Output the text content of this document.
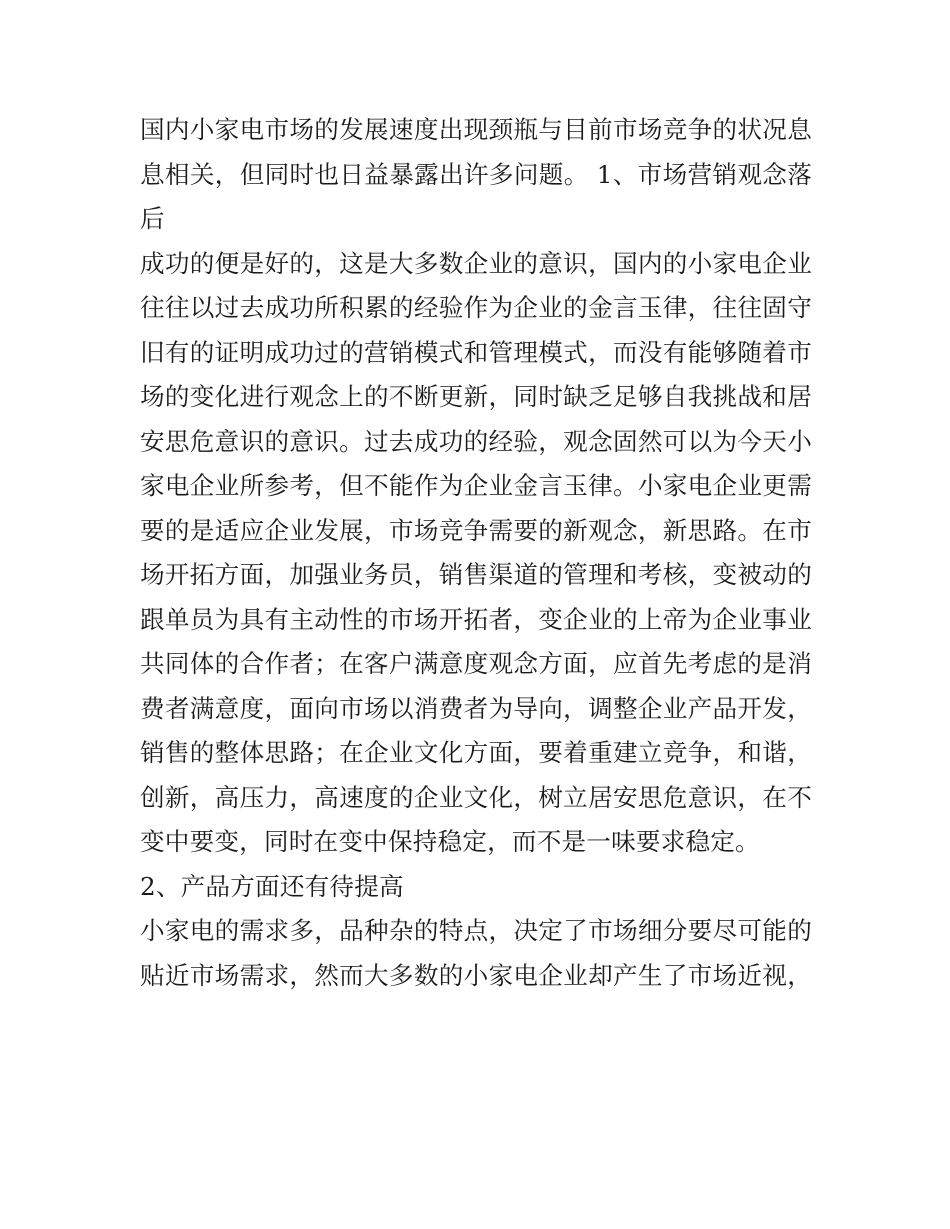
国内小家电市场的发展速度出现颈瓶与目前市场竞争的状况息
息相关，但同时也日益暴露出许多问题。 1、市场营销观念落
后
成功的便是好的，这是大多数企业的意识，国内的小家电企业
往往以过去成功所积累的经验作为企业的金言玉律，往往固守
旧有的证明成功过的营销模式和管理模式，而没有能够随着市
场的变化进行观念上的不断更新，同时缺乏足够自我挑战和居
安思危意识的意识。过去成功的经验，观念固然可以为今天小
家电企业所参考，但不能作为企业金言玉律。小家电企业更需
要的是适应企业发展，市场竞争需要的新观念，新思路。在市
场开拓方面，加强业务员，销售渠道的管理和考核，变被动的
跟单员为具有主动性的市场开拓者，变企业的上帝为企业事业
共同体的合作者；在客户满意度观念方面，应首先考虑的是消
费者满意度，面向市场以消费者为导向，调整企业产品开发，
销售的整体思路；在企业文化方面，要着重建立竞争，和谐，
创新，高压力，高速度的企业文化，树立居安思危意识，在不
变中要变，同时在变中保持稳定，而不是一味要求稳定。
2、产品方面还有待提高
小家电的需求多，品种杂的特点，决定了市场细分要尽可能的
贴近市场需求，然而大多数的小家电企业却产生了市场近视，
